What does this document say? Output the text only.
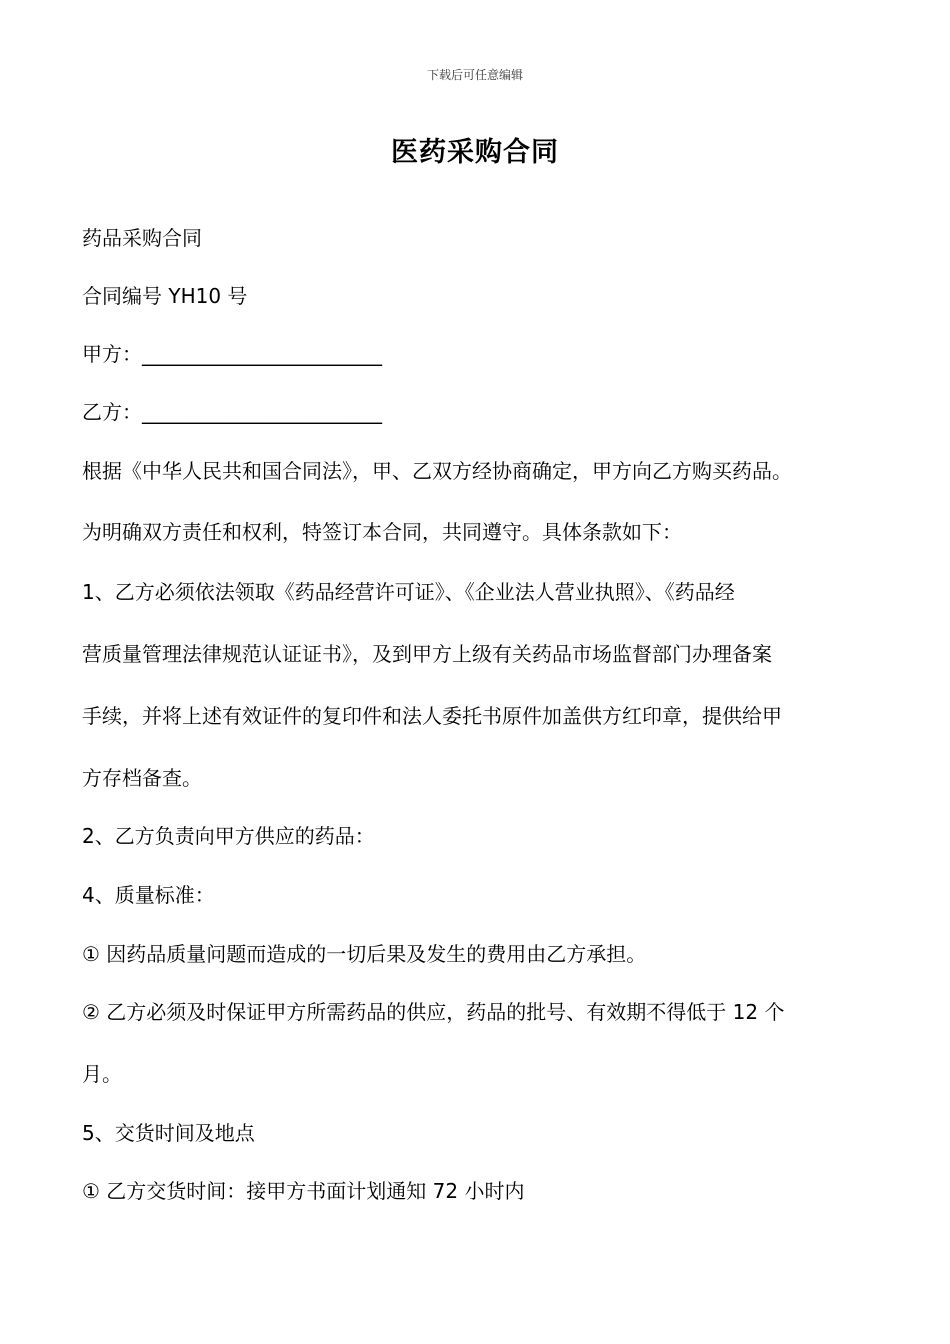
下载后可任意编辑
医药采购合同
药品采购合同
合同编号 YH10 号
甲方：________________________
乙方：________________________
根据《中华人民共和国合同法》，甲、乙双方经协商确定，甲方向乙方购买药品。
为明确双方责任和权利，特签订本合同，共同遵守。具体条款如下：
1、乙方必须依法领取《药品经营许可证》、《企业法人营业执照》、《药品经
营质量管理法律规范认证证书》，及到甲方上级有关药品市场监督部门办理备案
手续，并将上述有效证件的复印件和法人委托书原件加盖供方红印章，提供给甲
方存档备查。
2、乙方负责向甲方供应的药品：
4、质量标准：
① 因药品质量问题而造成的一切后果及发生的费用由乙方承担。
② 乙方必须及时保证甲方所需药品的供应，药品的批号、有效期不得低于 12 个
月。
5、交货时间及地点
① 乙方交货时间：接甲方书面计划通知 72 小时内
